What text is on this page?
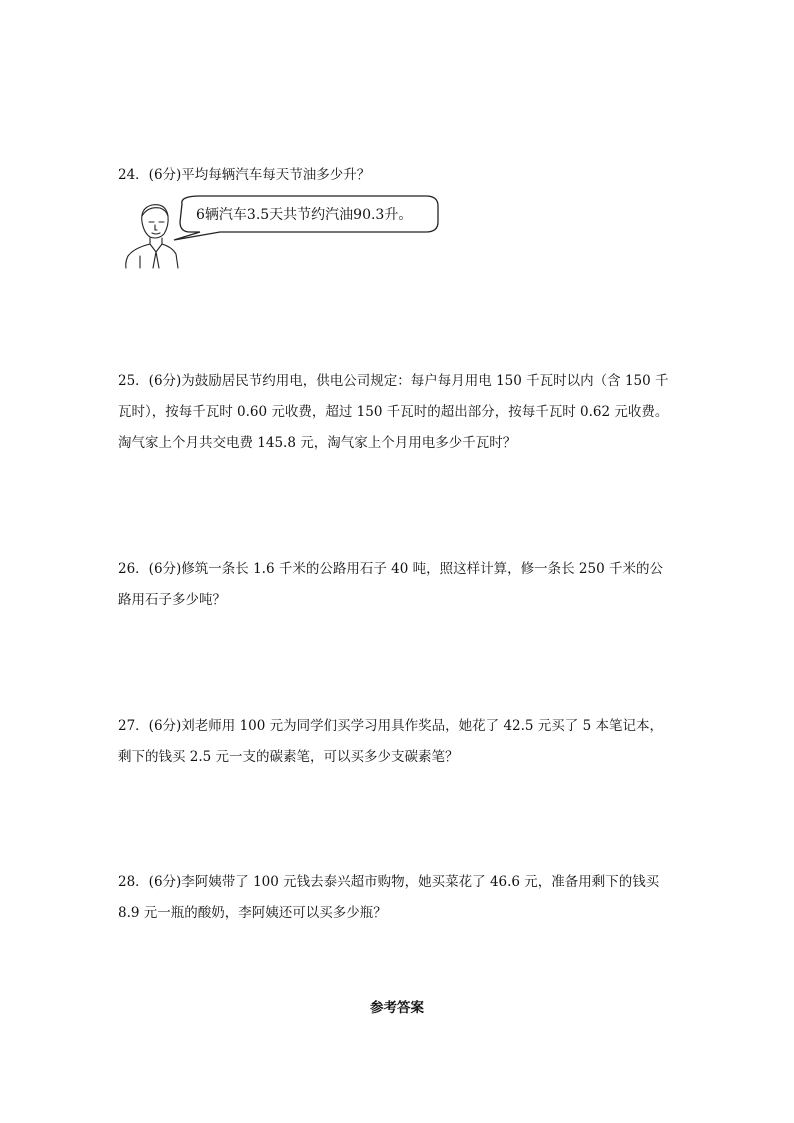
24．(6分)平均每辆汽车每天节油多少升？

6辆汽车3.5天共节约汽油90.3升。

25．(6分)为鼓励居民节约用电，供电公司规定：每户每月用电 150 千瓦时以内（含 150 千

瓦时），按每千瓦时 0.60 元收费，超过 150 千瓦时的超出部分，按每千瓦时 0.62 元收费。

淘气家上个月共交电费 145.8 元，淘气家上个月用电多少千瓦时？

26．(6分)修筑一条长 1.6 千米的公路用石子 40 吨，照这样计算，修一条长 250 千米的公

路用石子多少吨？

27．(6分)刘老师用 100 元为同学们买学习用具作奖品，她花了 42.5 元买了 5 本笔记本，

剩下的钱买 2.5 元一支的碳素笔，可以买多少支碳素笔？

28．(6分)李阿姨带了 100 元钱去泰兴超市购物，她买菜花了 46.6 元，准备用剩下的钱买

8.9 元一瓶的酸奶，李阿姨还可以买多少瓶？

参考答案
